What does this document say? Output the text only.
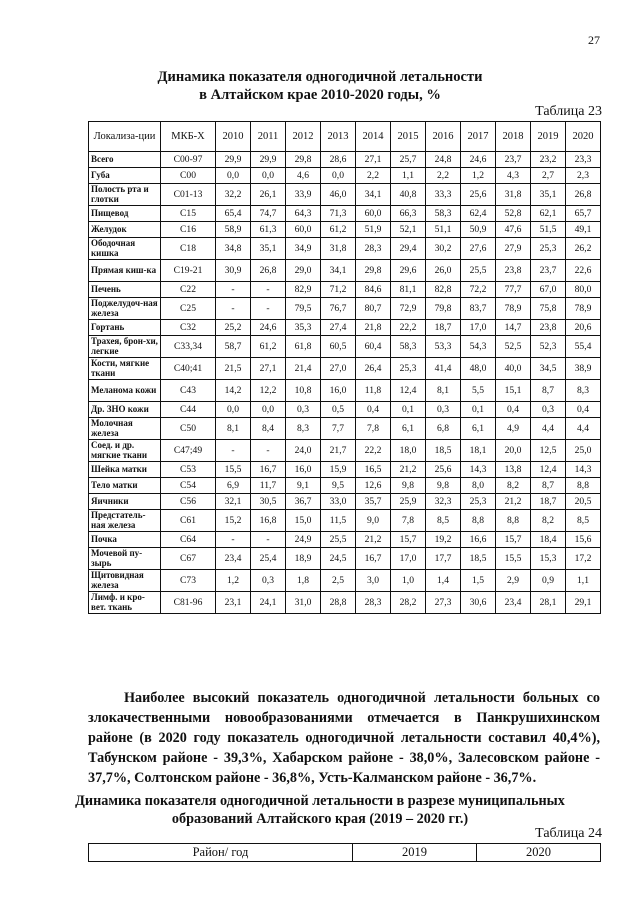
27
Динамика показателя одногодичной летальности
в Алтайском крае 2010-2020 годы, %
Таблица 23
Локализа-ции	МКБ-Х	2010	2011	2012	2013	2014	2015	2016	2017	2018	2019	2020
Всего	C00-97	29,9	29,9	29,8	28,6	27,1	25,7	24,8	24,6	23,7	23,2	23,3
Губа	C00	0,0	0,0	4,6	0,0	2,2	1,1	2,2	1,2	4,3	2,7	2,3
Полость рта и глотки	C01-13	32,2	26,1	33,9	46,0	34,1	40,8	33,3	25,6	31,8	35,1	26,8
Пищевод	C15	65,4	74,7	64,3	71,3	60,0	66,3	58,3	62,4	52,8	62,1	65,7
Желудок	C16	58,9	61,3	60,0	61,2	51,9	52,1	51,1	50,9	47,6	51,5	49,1
Ободочная кишка	C18	34,8	35,1	34,9	31,8	28,3	29,4	30,2	27,6	27,9	25,3	26,2
Прямая киш-ка	C19-21	30,9	26,8	29,0	34,1	29,8	29,6	26,0	25,5	23,8	23,7	22,6
Печень	C22	-	-	82,9	71,2	84,6	81,1	82,8	72,2	77,7	67,0	80,0
Поджелудоч-ная железа	C25	-	-	79,5	76,7	80,7	72,9	79,8	83,7	78,9	75,8	78,9
Гортань	C32	25,2	24,6	35,3	27,4	21,8	22,2	18,7	17,0	14,7	23,8	20,6
Трахея, брон-хи, легкие	C33,34	58,7	61,2	61,8	60,5	60,4	58,3	53,3	54,3	52,5	52,3	55,4
Кости, мягкие ткани	C40;41	21,5	27,1	21,4	27,0	26,4	25,3	41,4	48,0	40,0	34,5	38,9
Меланома кожи	C43	14,2	12,2	10,8	16,0	11,8	12,4	8,1	5,5	15,1	8,7	8,3
Др. ЗНО кожи	C44	0,0	0,0	0,3	0,5	0,4	0,1	0,3	0,1	0,4	0,3	0,4
Молочная железа	C50	8,1	8,4	8,3	7,7	7,8	6,1	6,8	6,1	4,9	4,4	4,4
Соед. и др. мягкие ткани	C47;49	-	-	24,0	21,7	22,2	18,0	18,5	18,1	20,0	12,5	25,0
Шейка матки	C53	15,5	16,7	16,0	15,9	16,5	21,2	25,6	14,3	13,8	12,4	14,3
Тело матки	C54	6,9	11,7	9,1	9,5	12,6	9,8	9,8	8,0	8,2	8,7	8,8
Яичники	C56	32,1	30,5	36,7	33,0	35,7	25,9	32,3	25,3	21,2	18,7	20,5
Предстатель-ная железа	C61	15,2	16,8	15,0	11,5	9,0	7,8	8,5	8,8	8,8	8,2	8,5
Почка	C64	-	-	24,9	25,5	21,2	15,7	19,2	16,6	15,7	18,4	15,6
Мочевой пу-зырь	C67	23,4	25,4	18,9	24,5	16,7	17,0	17,7	18,5	15,5	15,3	17,2
Щитовидная железа	C73	1,2	0,3	1,8	2,5	3,0	1,0	1,4	1,5	2,9	0,9	1,1
Лимф. и кро-вет. ткань	C81-96	23,1	24,1	31,0	28,8	28,3	28,2	27,3	30,6	23,4	28,1	29,1

Наиболее высокий показатель одногодичной летальности больных со злокачественными новообразованиями отмечается в Панкрушихинском районе (в 2020 году показатель одногодичной летальности составил 40,4%), Табунском районе - 39,3%, Хабарском районе - 38,0%, Залесовском районе - 37,7%, Солтонском районе - 36,8%, Усть-Калманском районе - 36,7%.

Динамика показателя одногодичной летальности в разрезе муниципальных
образований Алтайского края (2019 – 2020 гг.)
Таблица 24
Район/ год	2019	2020
